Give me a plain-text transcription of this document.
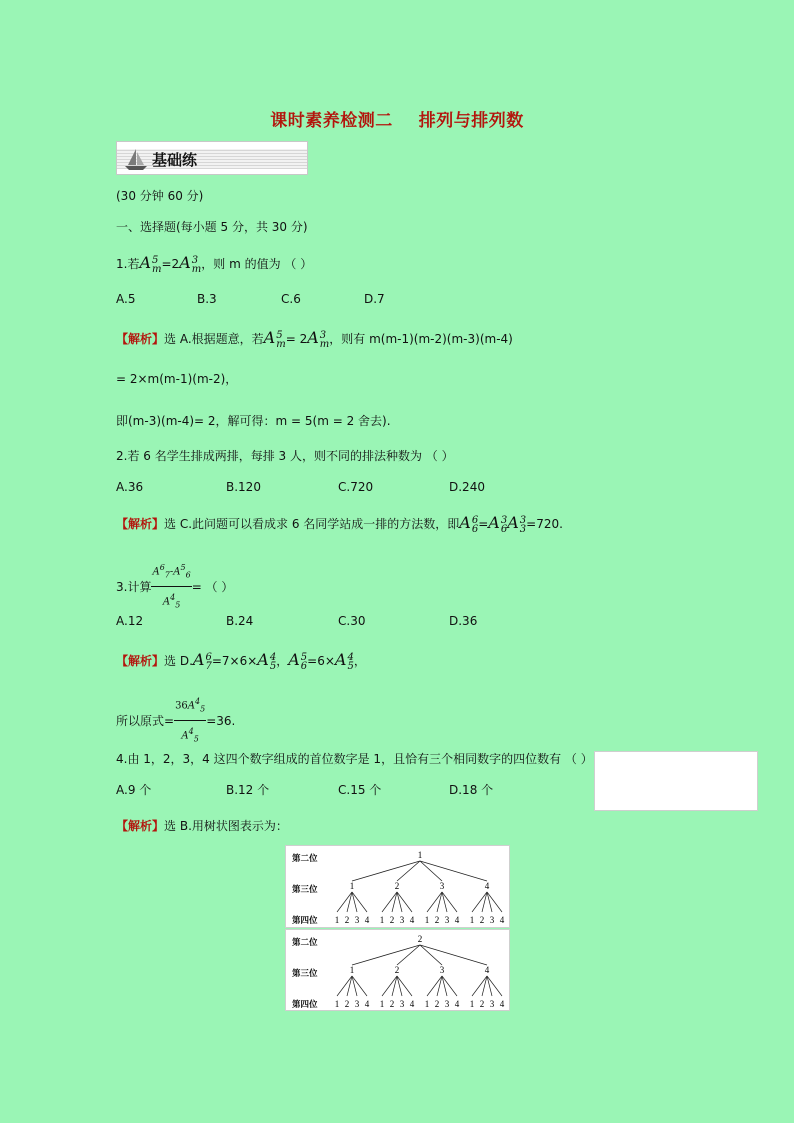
课时素养检测二 排列与排列数
基础练
(30 分钟 60 分)
一、选择题(每小题 5 分，共 30 分)
1.若A 5
m =2A 3
m ，则 m 的值为 （ ）
A.5	B.3	C.6	D.7
【解析】选 A.根据题意，若A 5
m = 2A 3
m ，则有 m(m-1)(m-2)(m-3)(m-4)
= 2×m(m-1)(m-2)，
即(m-3)(m-4)= 2，解可得：m = 5(m = 2 舍去).
2.若 6 名学生排成两排，每排 3 人，则不同的排法种数为 （ ）
A.36	B.120	C.720	D.240
【解析】选 C.此问题可以看成求 6 名同学站成一排的方法数，即A 6
6 =A 3
6 A 3
3 =720.
3.计算 $\frac{A^6_7-A^5_6}{A^4_5}$ = （ ）
A.12	B.24	C.30	D.36
【解析】选 D.A 6
7 =7×6×A 4
5 ，A 5
6 =6×A 4
5 ，
所以原式= $\frac{36A^4_5}{A^4_5} =36$.
4.由 1，2，3，4 这四个数字组成的首位数字是 1，且恰有三个相同数字的四位数有 （ ）
A.9 个	B.12 个	C.15 个	D.18 个
【解析】选 B.用树状图表示为：
第二位
第三位
第四位
1
1
1 2 3 4
2
1 2 3 4
3
1 2 3 4
4
1 2 3 4
第二位
第三位
第四位
2
1
1 2 3 4
2
1 2 3 4
3
1 2 3 4
4
1 2 3 4
